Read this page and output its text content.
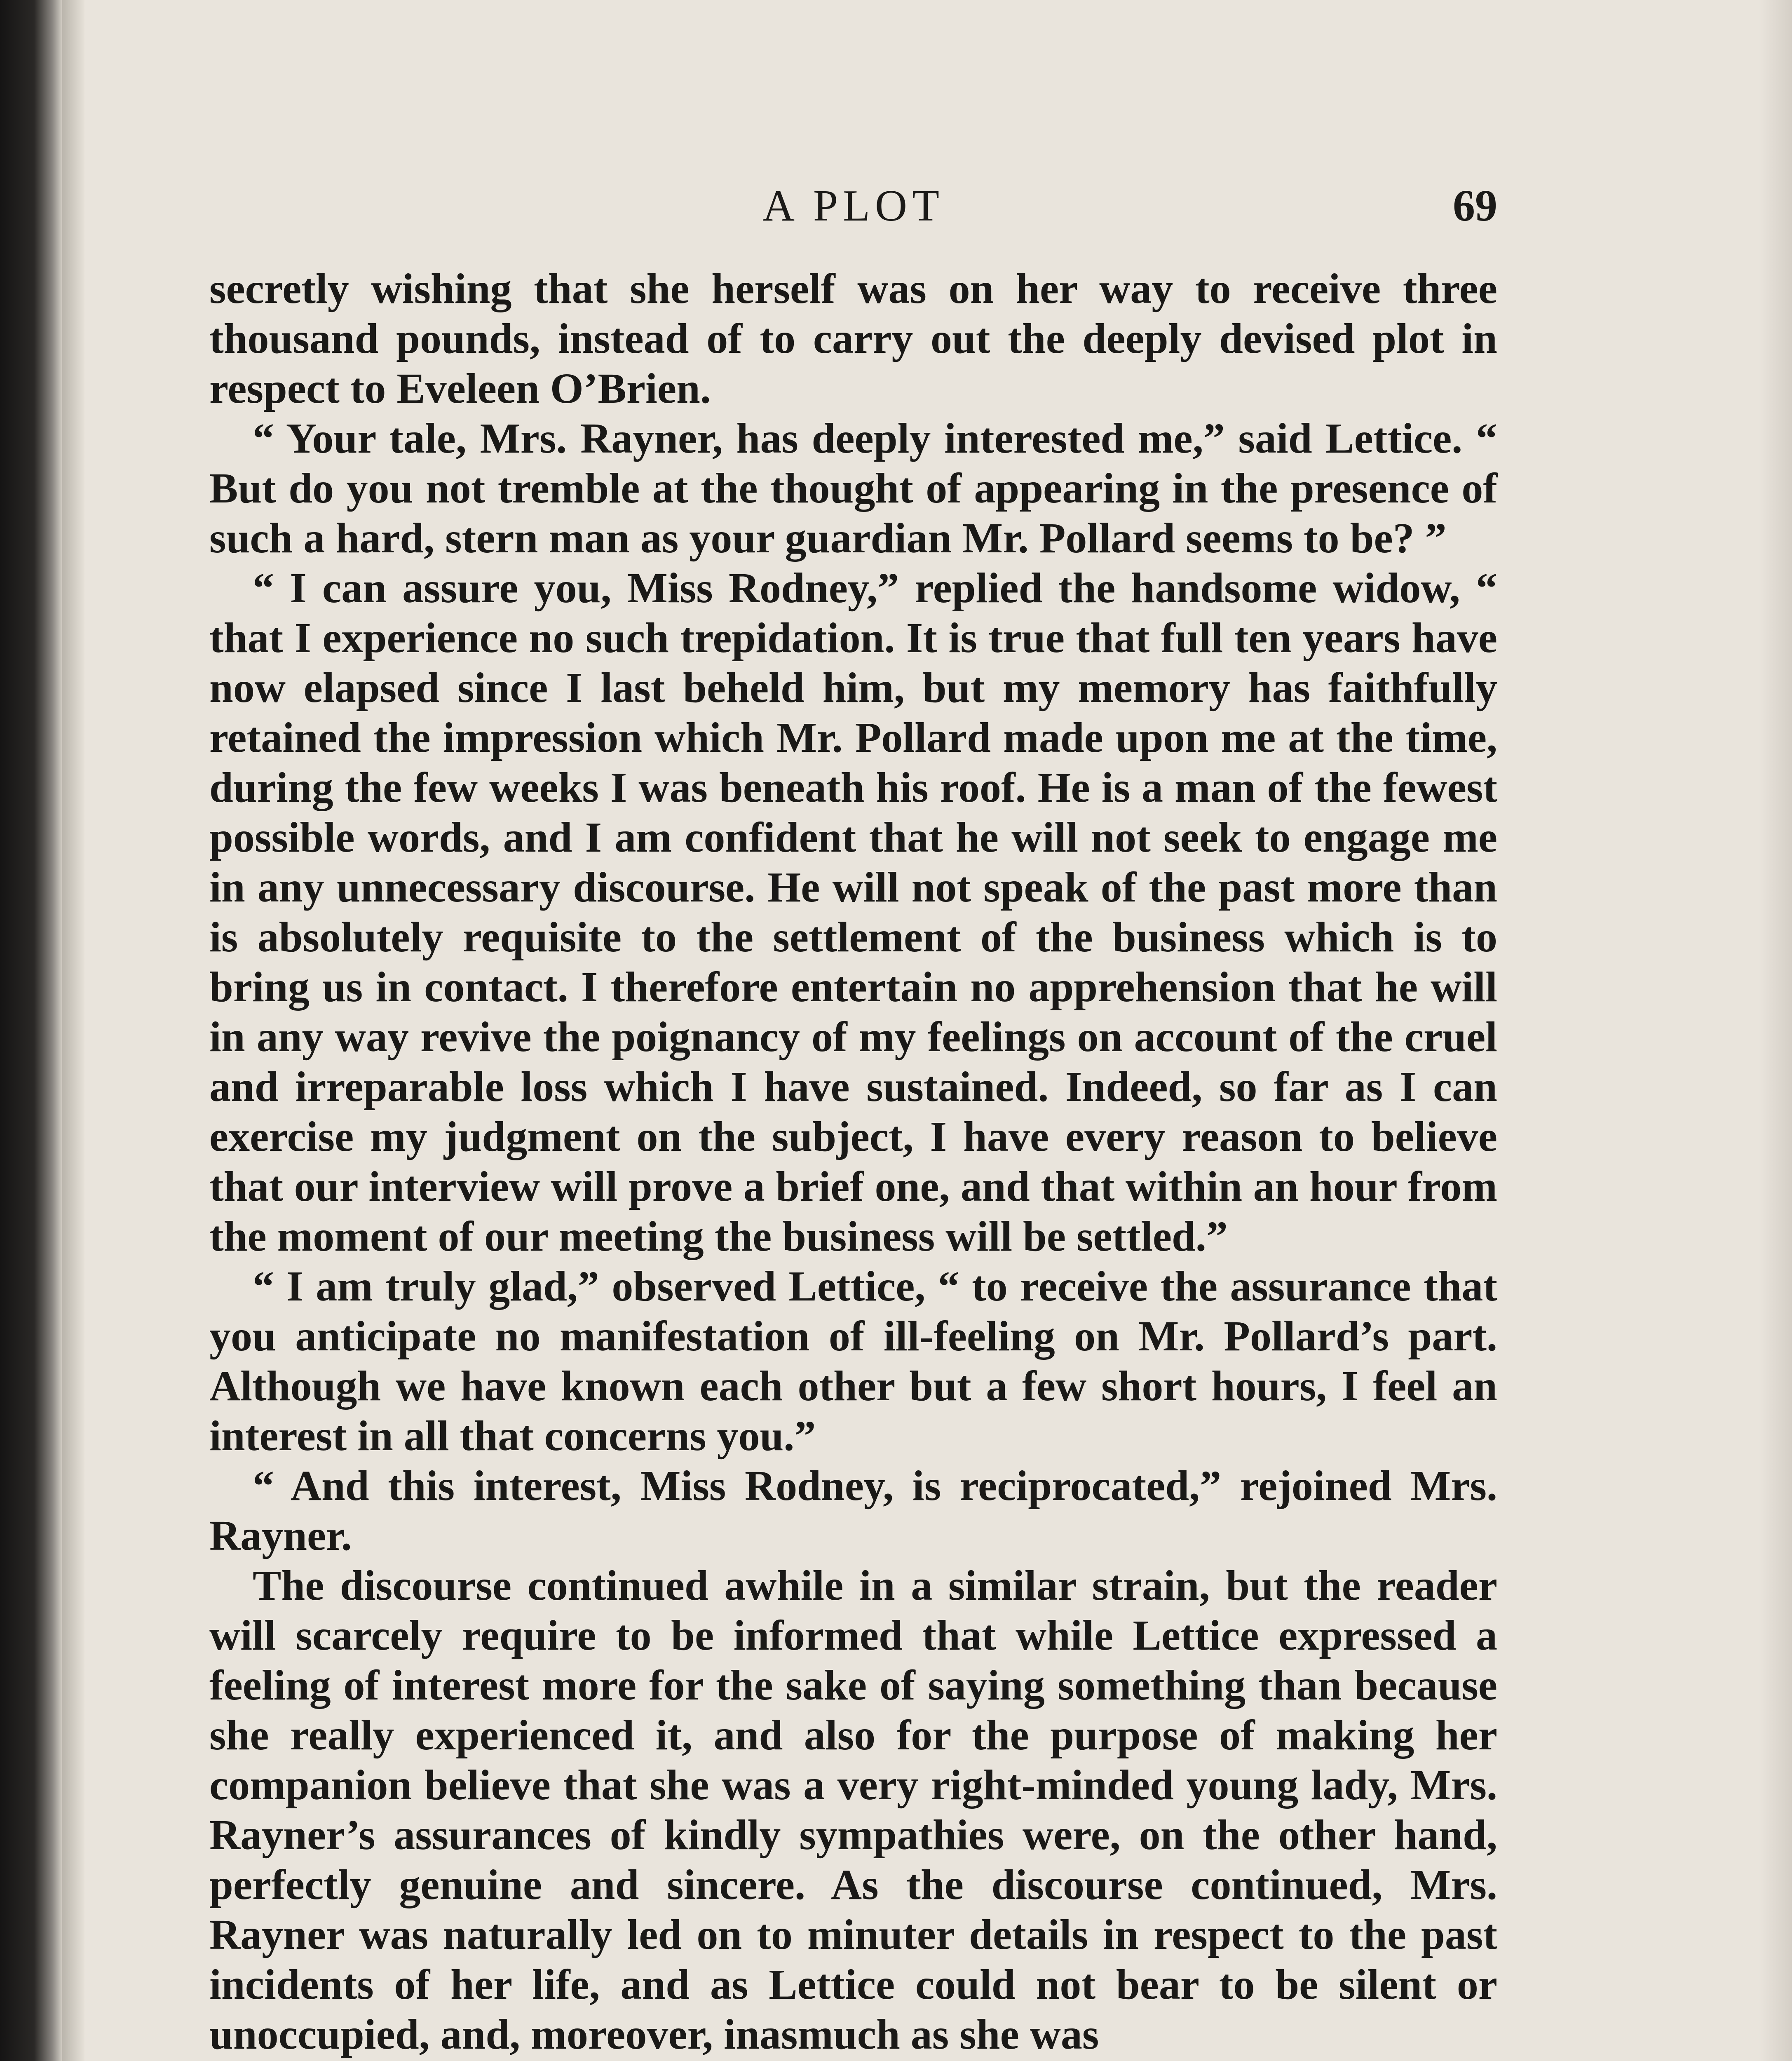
A PLOT	69

secretly wishing that she herself was on her way to receive three thousand pounds, instead of to carry out the deeply devised plot in respect to Eveleen O’Brien.

“ Your tale, Mrs. Rayner, has deeply interested me,” said Lettice. “ But do you not tremble at the thought of appearing in the presence of such a hard, stern man as your guardian Mr. Pollard seems to be? ”

“ I can assure you, Miss Rodney,” replied the handsome widow, “ that I experience no such trepidation. It is true that full ten years have now elapsed since I last beheld him, but my memory has faithfully retained the impression which Mr. Pollard made upon me at the time, during the few weeks I was beneath his roof. He is a man of the fewest possible words, and I am confident that he will not seek to engage me in any unnecessary discourse. He will not speak of the past more than is absolutely requisite to the settlement of the business which is to bring us in contact. I therefore entertain no apprehension that he will in any way revive the poignancy of my feelings on account of the cruel and irreparable loss which I have sustained. Indeed, so far as I can exercise my judgment on the subject, I have every reason to believe that our interview will prove a brief one, and that within an hour from the moment of our meeting the business will be settled.”

“ I am truly glad,” observed Lettice, “ to receive the assurance that you anticipate no manifestation of ill-feeling on Mr. Pollard’s part. Although we have known each other but a few short hours, I feel an interest in all that concerns you.”

“ And this interest, Miss Rodney, is reciprocated,” rejoined Mrs. Rayner.

The discourse continued awhile in a similar strain, but the reader will scarcely require to be informed that while Lettice expressed a feeling of interest more for the sake of saying something than because she really experienced it, and also for the purpose of making her companion believe that she was a very right-minded young lady, Mrs. Rayner’s assurances of kindly sympathies were, on the other hand, perfectly genuine and sincere. As the discourse continued, Mrs. Rayner was naturally led on to minuter details in respect to the past incidents of her life, and as Lettice could not bear to be silent or unoccupied, and, moreover, inasmuch as she was
